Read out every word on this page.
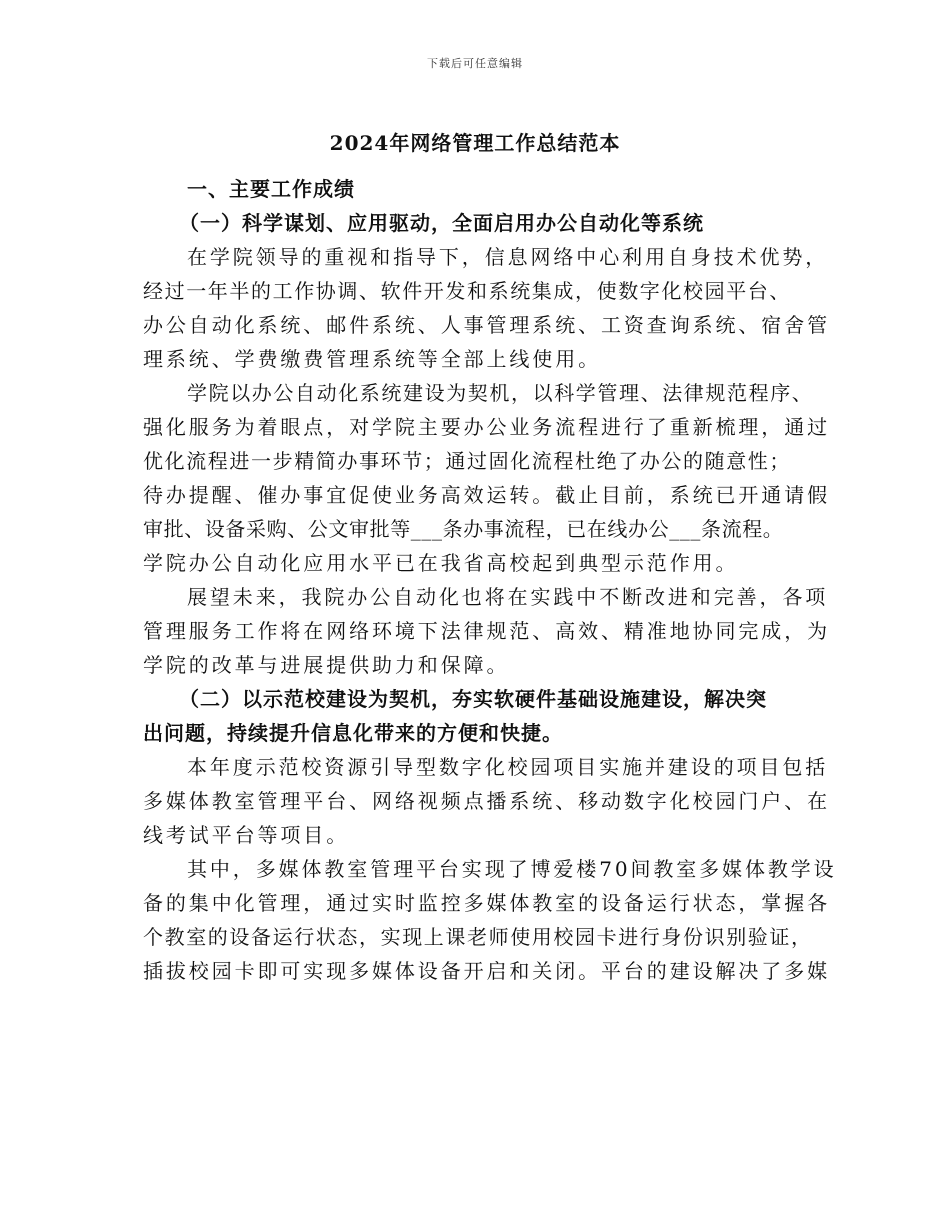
下载后可任意编辑
2024年网络管理工作总结范本
一、主要工作成绩
（一）科学谋划、应用驱动，全面启用办公自动化等系统
在学院领导的重视和指导下，信息网络中心利用自身技术优势，
经过一年半的工作协调、软件开发和系统集成，使数字化校园平台、
办公自动化系统、邮件系统、人事管理系统、工资查询系统、宿舍管
理系统、学费缴费管理系统等全部上线使用。
学院以办公自动化系统建设为契机，以科学管理、法律规范程序、
强化服务为着眼点，对学院主要办公业务流程进行了重新梳理，通过
优化流程进一步精简办事环节；通过固化流程杜绝了办公的随意性；
待办提醒、催办事宜促使业务高效运转。截止目前，系统已开通请假
审批、设备采购、公文审批等___条办事流程，已在线办公___条流程。
学院办公自动化应用水平已在我省高校起到典型示范作用。
展望未来，我院办公自动化也将在实践中不断改进和完善，各项
管理服务工作将在网络环境下法律规范、高效、精准地协同完成，为
学院的改革与进展提供助力和保障。
（二）以示范校建设为契机，夯实软硬件基础设施建设，解决突
出问题，持续提升信息化带来的方便和快捷。
本年度示范校资源引导型数字化校园项目实施并建设的项目包括
多媒体教室管理平台、网络视频点播系统、移动数字化校园门户、在
线考试平台等项目。
其中，多媒体教室管理平台实现了博爱楼70间教室多媒体教学设
备的集中化管理，通过实时监控多媒体教室的设备运行状态，掌握各
个教室的设备运行状态，实现上课老师使用校园卡进行身份识别验证，
插拔校园卡即可实现多媒体设备开启和关闭。平台的建设解决了多媒
